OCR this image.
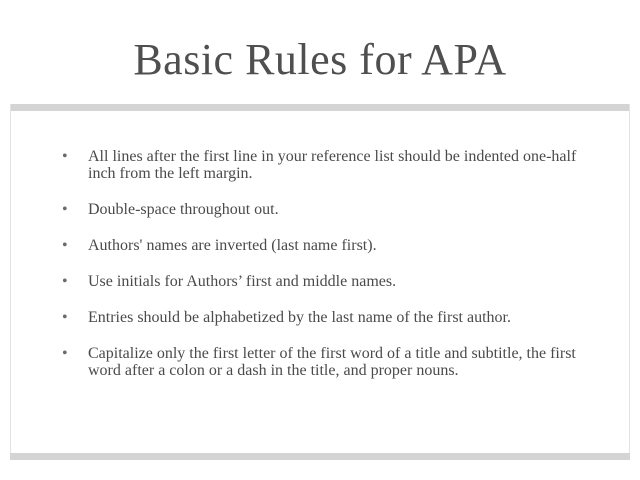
Basic Rules for APA
• All lines after the first line in your reference list should be indented one-half inch from the left margin.
• Double-space throughout out.
• Authors' names are inverted (last name first).
• Use initials for Authors’ first and middle names.
• Entries should be alphabetized by the last name of the first author.
• Capitalize only the first letter of the first word of a title and subtitle, the first word after a colon or a dash in the title, and proper nouns.
